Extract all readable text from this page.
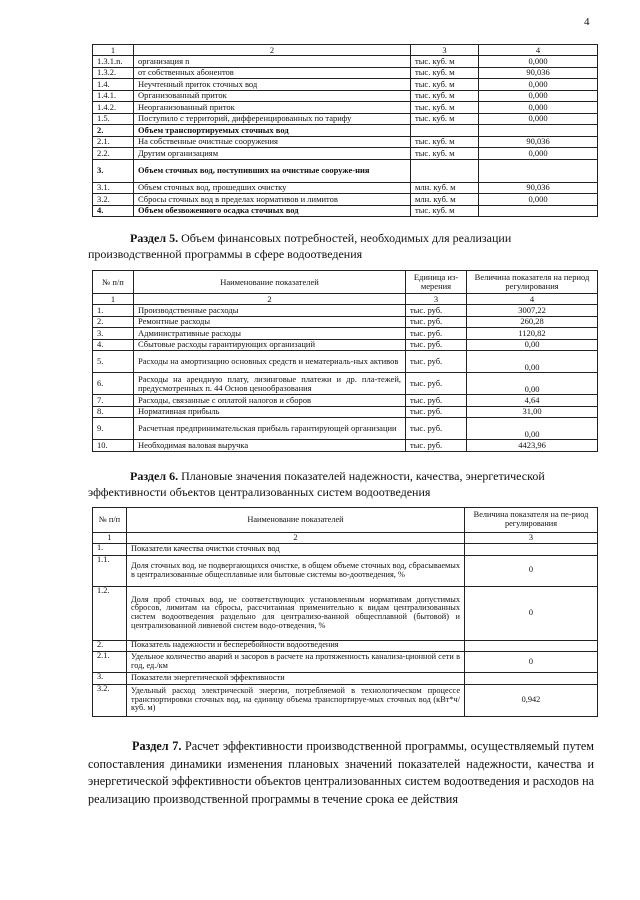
4
1	2	3	4
1.3.1.n.	организация n	тыс. куб. м	0,000
1.3.2.	от собственных абонентов	тыс. куб. м	90,036
1.4.	Неучтенный приток сточных вод	тыс. куб. м	0,000
1.4.1.	Организованный приток	тыс. куб. м	0,000
1.4.2.	Неорганизованный приток	тыс. куб. м	0,000
1.5.	Поступило с территорий, дифференцированных по тарифу	тыс. куб. м	0,000
2.	Объем транспортируемых сточных вод		
2.1.	На собственные очистные сооружения	тыс. куб. м	90,036
2.2.	Другим организациям	тыс. куб. м	0,000
3.	Объем сточных вод, поступивших на очистные сооруже-ния		
3.1.	Объем сточных вод, прошедших очистку	млн. куб. м	90,036
3.2.	Сбросы сточных вод в пределах нормативов и лимитов	млн. куб. м	0,000
4.	Объем обезвоженного осадка сточных вод	тыс. куб. м	
Раздел 5. Объем финансовых потребностей, необходимых для реализации производственной программы в сфере водоотведения
№ п/п	Наименование показателей	Единица из-мерения	Величина показателя на период регулирования
1	2	3	4
1.	Производственные расходы	тыс. руб.	3007,22
2.	Ремонтные расходы	тыс. руб.	260,28
3.	Административные расходы	тыс. руб.	1120,82
4.	Сбытовые расходы гарантирующих организаций	тыс. руб.	0,00
5.	Расходы на амортизацию основных средств и нематериаль-ных активов	тыс. руб.	0,00
6.	Расходы на арендную плату, лизинговые платежи и др. пла-тежей, предусмотренных п. 44 Основ ценообразования	тыс. руб.	0,00
7.	Расходы, связанные с оплатой налогов и сборов	тыс. руб.	4,64
8.	Нормативная прибыль	тыс. руб.	31,00
9.	Расчетная предпринимательская прибыль гарантирующей организации	тыс. руб.	0,00
10.	Необходимая валовая выручка	тыс. руб.	4423,96
Раздел 6. Плановые значения показателей надежности, качества, энергетической эффективности объектов централизованных систем водоотведения
№ п/п	Наименование показателей	Величина показателя на пе-риод регулирования
1	2	3
1.	Показатели качества очистки сточных вод	
1.1.	Доля сточных вод, не подвергающихся очистке, в общем объеме сточных вод, сбрасываемых в централизованные общесплавные или бытовые системы во-доотведения, %	0
1.2.	Доля проб сточных вод, не соответствующих установленным нормативам допустимых сбросов, лимитам на сбросы, рассчитанная применительно к видам централизованных систем водоотведения раздельно для централизо-ванной общесплавной (бытовой) и централизованной ливневой систем водо-отведения, %	0
2.	Показатель надежности и бесперебойности водоотведения	
2.1.	Удельное количество аварий и засоров в расчете на протяженность канализа-ционной сети в год, ед./км	0
3.	Показатели энергетической эффективности	
3.2.	Удельный расход электрической энергии, потребляемой в технологическом процессе транспортировки сточных вод, на единицу объема транспортируе-мых сточных вод (кВт*ч/ куб. м)	0,942
Раздел 7. Расчет эффективности производственной программы, осуществляемый путем сопоставления динамики изменения плановых значений показателей надежности, качества и энергетической эффективности объектов централизованных систем водоотведения и расходов на реализацию производственной программы в течение срока ее действия
